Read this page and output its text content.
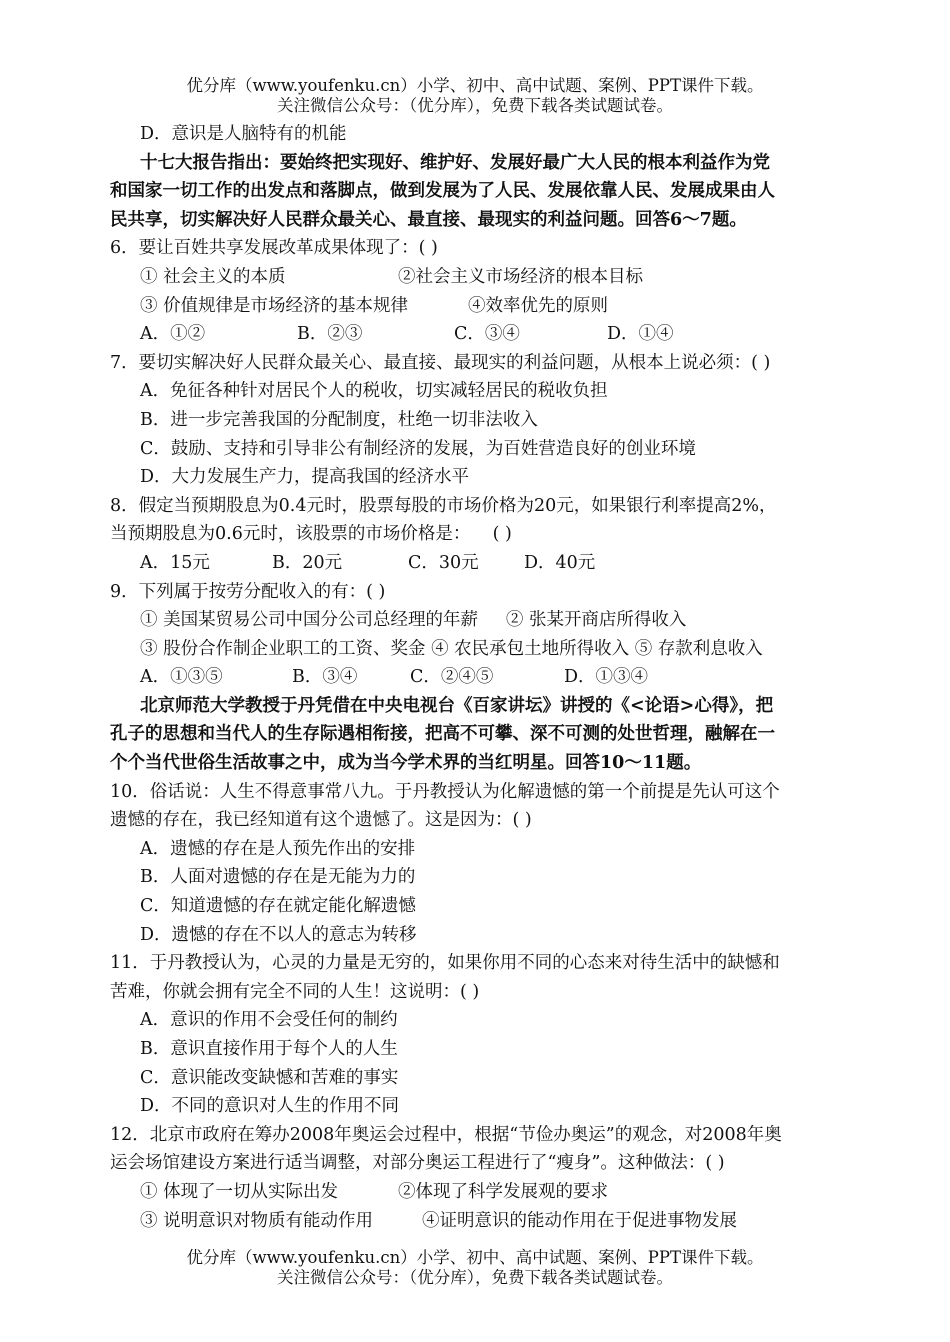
优分库（www.youfenku.cn）小学、初中、高中试题、案例、PPT课件下载。
关注微信公众号：（优分库），免费下载各类试题试卷。
D．意识是人脑特有的机能
十七大报告指出：要始终把实现好、维护好、发展好最广大人民的根本利益作为党
和国家一切工作的出发点和落脚点，做到发展为了人民、发展依靠人民、发展成果由人
民共享，切实解决好人民群众最关心、最直接、最现实的利益问题。回答6～7题。
6．要让百姓共享发展改革成果体现了：( )
① 社会主义的本质	②社会主义市场经济的根本目标
③ 价值规律是市场经济的基本规律	④效率优先的原则
A．①②	B．②③	C．③④	D．①④
7．要切实解决好人民群众最关心、最直接、最现实的利益问题，从根本上说必须：( )
A．免征各种针对居民个人的税收，切实减轻居民的税收负担
B．进一步完善我国的分配制度，杜绝一切非法收入
C．鼓励、支持和引导非公有制经济的发展，为百姓营造良好的创业环境
D．大力发展生产力，提高我国的经济水平
8．假定当预期股息为0.4元时，股票每股的市场价格为20元，如果银行利率提高2%，
当预期股息为0.6元时，该股票的市场价格是：    ( )
A．15元	B．20元	C．30元	D．40元
9．下列属于按劳分配收入的有：( )
① 美国某贸易公司中国分公司总经理的年薪     ② 张某开商店所得收入
③ 股份合作制企业职工的工资、奖金 ④ 农民承包土地所得收入 ⑤ 存款利息收入
A．①③⑤	B．③④	C．②④⑤	D．①③④
北京师范大学教授于丹凭借在中央电视台《百家讲坛》讲授的《<论语>心得》，把
孔子的思想和当代人的生存际遇相衔接，把高不可攀、深不可测的处世哲理，融解在一
个个当代世俗生活故事之中，成为当今学术界的当红明星。回答10～11题。
10．俗话说：人生不得意事常八九。于丹教授认为化解遗憾的第一个前提是先认可这个
遗憾的存在，我已经知道有这个遗憾了。这是因为：( )
A．遗憾的存在是人预先作出的安排
B．人面对遗憾的存在是无能为力的
C．知道遗憾的存在就定能化解遗憾
D．遗憾的存在不以人的意志为转移
11．于丹教授认为，心灵的力量是无穷的，如果你用不同的心态来对待生活中的缺憾和
苦难，你就会拥有完全不同的人生！这说明：( )
A．意识的作用不会受任何的制约
B．意识直接作用于每个人的人生
C．意识能改变缺憾和苦难的事实
D．不同的意识对人生的作用不同
12．北京市政府在筹办2008年奥运会过程中，根据“节俭办奥运”的观念，对2008年奥
运会场馆建设方案进行适当调整，对部分奥运工程进行了“瘦身”。这种做法：( )
① 体现了一切从实际出发	②体现了科学发展观的要求
③ 说明意识对物质有能动作用	④证明意识的能动作用在于促进事物发展
优分库（www.youfenku.cn）小学、初中、高中试题、案例、PPT课件下载。
关注微信公众号：（优分库），免费下载各类试题试卷。
